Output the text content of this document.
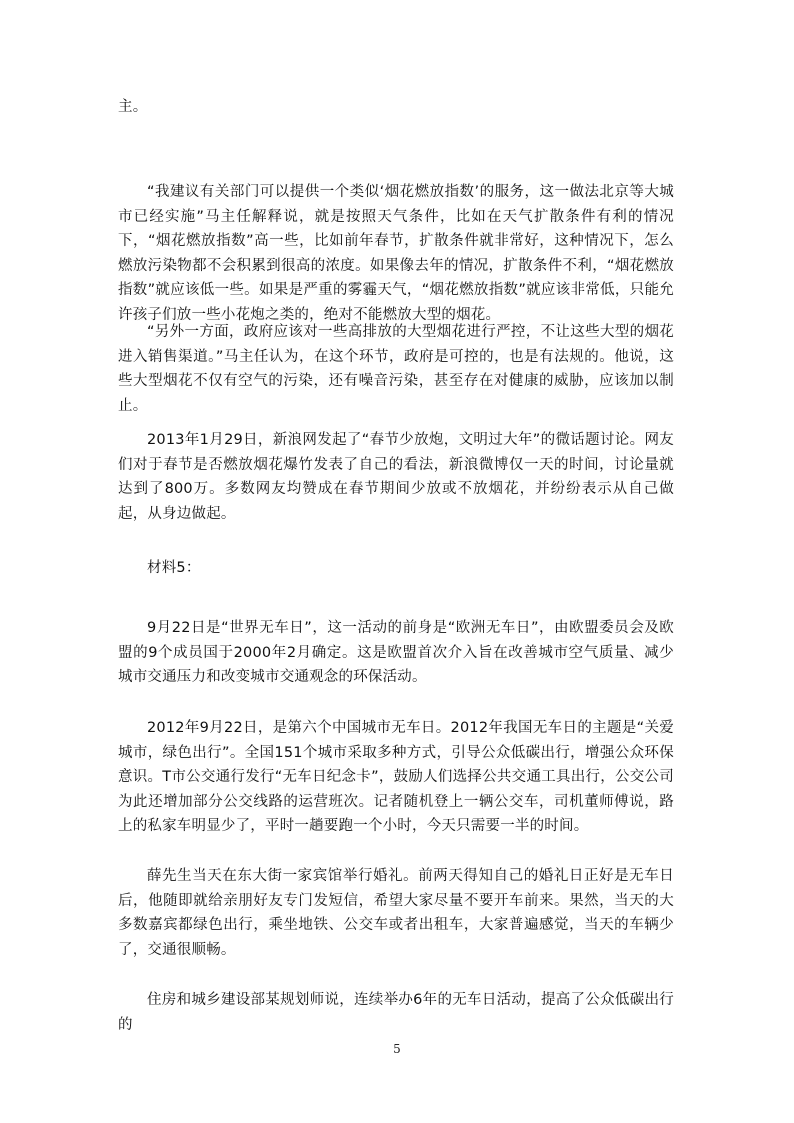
主。

“我建议有关部门可以提供一个类似‘烟花燃放指数’的服务，这一做法北京等大城市已经实施”马主任解释说，就是按照天气条件，比如在天气扩散条件有利的情况下，“烟花燃放指数”高一些，比如前年春节，扩散条件就非常好，这种情况下，怎么燃放污染物都不会积累到很高的浓度。如果像去年的情况，扩散条件不利，“烟花燃放指数”就应该低一些。如果是严重的雾霾天气，“烟花燃放指数”就应该非常低，只能允许孩子们放一些小花炮之类的，绝对不能燃放大型的烟花。

“另外一方面，政府应该对一些高排放的大型烟花进行严控，不让这些大型的烟花进入销售渠道。”马主任认为，在这个环节，政府是可控的，也是有法规的。他说，这些大型烟花不仅有空气的污染，还有噪音污染，甚至存在对健康的威胁，应该加以制止。

2013年1月29日，新浪网发起了“春节少放炮，文明过大年”的微话题讨论。网友们对于春节是否燃放烟花爆竹发表了自己的看法，新浪微博仅一天的时间，讨论量就达到了800万。多数网友均赞成在春节期间少放或不放烟花，并纷纷表示从自己做起，从身边做起。

材料5：

9月22日是“世界无车日”，这一活动的前身是“欧洲无车日”，由欧盟委员会及欧盟的9个成员国于2000年2月确定。这是欧盟首次介入旨在改善城市空气质量、减少城市交通压力和改变城市交通观念的环保活动。

2012年9月22日，是第六个中国城市无车日。2012年我国无车日的主题是“关爱城市，绿色出行”。全国151个城市采取多种方式，引导公众低碳出行，增强公众环保意识。T市公交通行发行“无车日纪念卡”，鼓励人们选择公共交通工具出行，公交公司为此还增加部分公交线路的运营班次。记者随机登上一辆公交车，司机董师傅说，路上的私家车明显少了，平时一趟要跑一个小时，今天只需要一半的时间。

薛先生当天在东大街一家宾馆举行婚礼。前两天得知自己的婚礼日正好是无车日后，他随即就给亲朋好友专门发短信，希望大家尽量不要开车前来。果然，当天的大多数嘉宾都绿色出行，乘坐地铁、公交车或者出租车，大家普遍感觉，当天的车辆少了，交通很顺畅。

住房和城乡建设部某规划师说，连续举办6年的无车日活动，提高了公众低碳出行的

5
